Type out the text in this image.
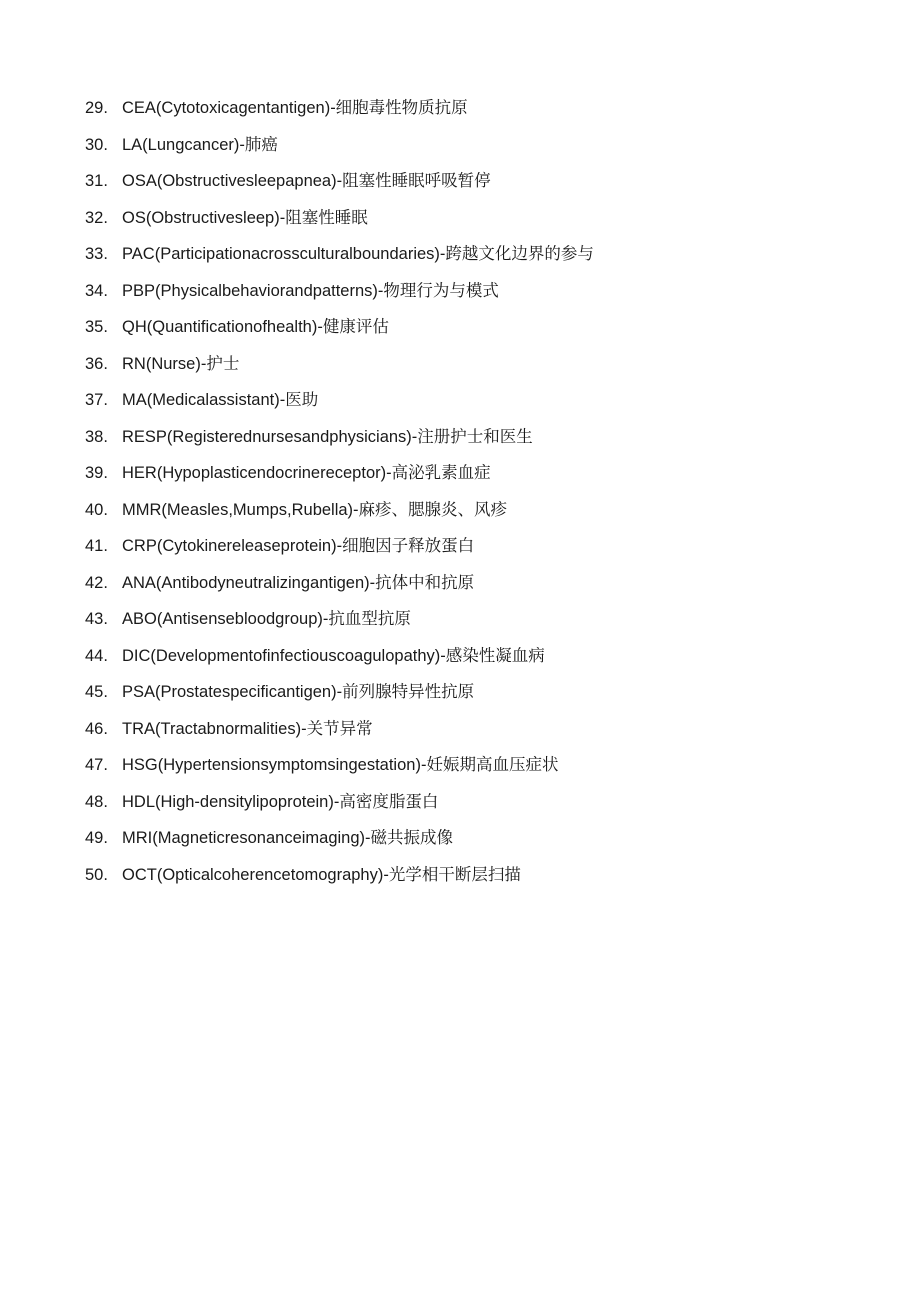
29. CEA(Cytotoxicagentantigen)-细胞毒性物质抗原
30. LA(Lungcancer)-肺癌
31. OSA(Obstructivesleepapnea)-阻塞性睡眠呼吸暂停
32. OS(Obstructivesleep)-阻塞性睡眠
33. PAC(Participationacrossculturalboundaries)-跨越文化边界的参与
34. PBP(Physicalbehaviorandpatterns)-物理行为与模式
35. QH(Quantificationofhealth)-健康评估
36. RN(Nurse)-护士
37. MA(Medicalassistant)-医助
38. RESP(Registerednursesandphysicians)-注册护士和医生
39. HER(Hypoplasticendocrinereceptor)-高泌乳素血症
40. MMR(Measles,Mumps,Rubella)-麻疹、腮腺炎、风疹
41. CRP(Cytokinereleaseprotein)-细胞因子释放蛋白
42. ANA(Antibodyneutralizingantigen)-抗体中和抗原
43. ABO(Antisensebloodgroup)-抗血型抗原
44. DIC(Developmentofinfectiouscoagulopathy)-感染性凝血病
45. PSA(Prostatespecificantigen)-前列腺特异性抗原
46. TRA(Tractabnormalities)-关节异常
47. HSG(Hypertensionsymptomsingestation)-妊娠期高血压症状
48. HDL(High-densitylipoprotein)-高密度脂蛋白
49. MRI(Magneticresonanceimaging)-磁共振成像
50. OCT(Opticalcoherencetomography)-光学相干断层扫描
